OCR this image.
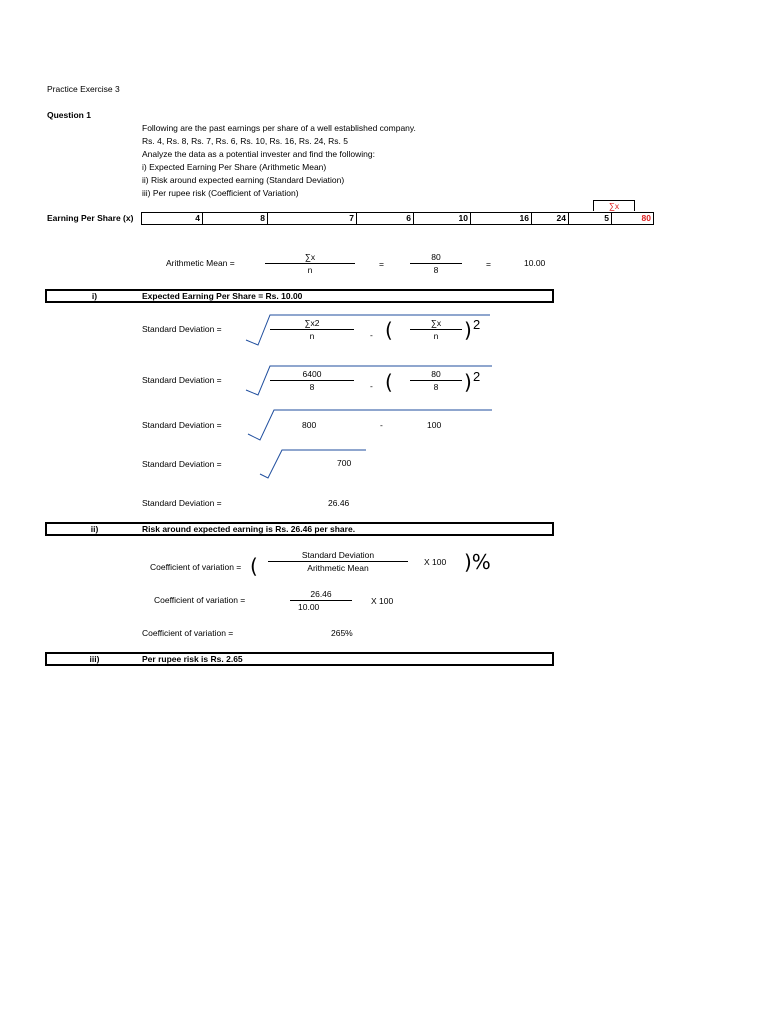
Practice Exercise 3
Question 1
Following are the past earnings per share of a well established company.
Rs. 4, Rs. 8, Rs. 7, Rs. 6, Rs. 10, Rs. 16, Rs. 24, Rs. 5
Analyze the data as a potential invester and find the following:
i) Expected Earning Per Share (Arithmetic Mean)
ii) Risk around expected earning (Standard Deviation)
iii) Per rupee risk (Coefficient of Variation)
Earning Per Share (x)
∑x
4	8	7	6	10	16	24	5	80
Arithmetic Mean =
∑x
n
=
80
8
=	10.00
i)	Expected Earning Per Share = Rs. 10.00
Standard Deviation =
∑x2
n	- (	∑x
n	) 2
Standard Deviation =
6400
8	- (	80
8	) 2
Standard Deviation =	800	-	100
Standard Deviation =	700
Standard Deviation =	26.46
ii)	Risk around expected earning is Rs. 26.46 per share.
Coefficient of variation = (	Standard Deviation
Arithmetic Mean
X 100 )%
Coefficient of variation =
26.46
10.00
X 100
Coefficient of variation =	265%
iii)	Per rupee risk is Rs. 2.65
